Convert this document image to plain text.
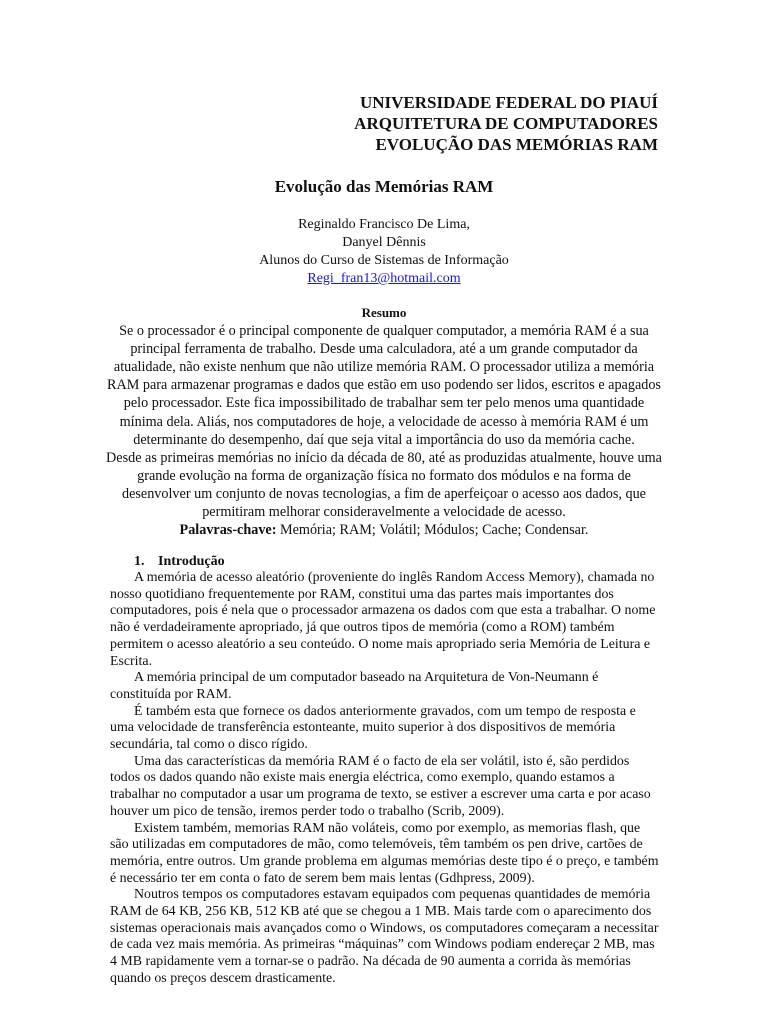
UNIVERSIDADE FEDERAL DO PIAUÍ
ARQUITETURA DE COMPUTADORES
EVOLUÇÃO DAS MEMÓRIAS RAM
Evolução das Memórias RAM
Reginaldo Francisco De Lima,
Danyel Dênnis
Alunos do Curso de Sistemas de Informação
Regi_fran13@hotmail.com
Resumo

Se o processador é o principal componente de qualquer computador, a memória RAM é a sua principal ferramenta de trabalho. Desde uma calculadora, até a um grande computador da atualidade, não existe nenhum que não utilize memória RAM. O processador utiliza a memória RAM para armazenar programas e dados que estão em uso podendo ser lidos, escritos e apagados pelo processador. Este fica impossibilitado de trabalhar sem ter pelo menos uma quantidade mínima dela. Aliás, nos computadores de hoje, a velocidade de acesso à memória RAM é um determinante do desempenho, daí que seja vital a importância do uso da memória cache.

Desde as primeiras memórias no início da década de 80, até as produzidas atualmente, houve uma grande evolução na forma de organização física no formato dos módulos e na forma de desenvolver um conjunto de novas tecnologias, a fim de aperfeiçoar o acesso aos dados, que permitiram melhorar consideravelmente a velocidade de acesso.

Palavras-chave: Memória; RAM; Volátil; Módulos; Cache; Condensar.

1. Introdução

A memória de acesso aleatório (proveniente do inglês Random Access Memory), chamada no nosso quotidiano frequentemente por RAM, constitui uma das partes mais importantes dos computadores, pois é nela que o processador armazena os dados com que esta a trabalhar. O nome não é verdadeiramente apropriado, já que outros tipos de memória (como a ROM) também permitem o acesso aleatório a seu conteúdo. O nome mais apropriado seria Memória de Leitura e Escrita.

A memória principal de um computador baseado na Arquitetura de Von-Neumann é constituída por RAM.

É também esta que fornece os dados anteriormente gravados, com um tempo de resposta e uma velocidade de transferência estonteante, muito superior à dos dispositivos de memória secundária, tal como o disco rígido.

Uma das características da memória RAM é o facto de ela ser volátil, isto é, são perdidos todos os dados quando não existe mais energia eléctrica, como exemplo, quando estamos a trabalhar no computador a usar um programa de texto, se estiver a escrever uma carta e por acaso houver um pico de tensão, iremos perder todo o trabalho (Scrib, 2009).

Existem também, memorias RAM não voláteis, como por exemplo, as memorias flash, que são utilizadas em computadores de mão, como telemóveis, têm também os pen drive, cartões de memória, entre outros. Um grande problema em algumas memórias deste tipo é o preço, e também é necessário ter em conta o fato de serem bem mais lentas (Gdhpress, 2009).

Noutros tempos os computadores estavam equipados com pequenas quantidades de memória RAM de 64 KB, 256 KB, 512 KB até que se chegou a 1 MB. Mais tarde com o aparecimento dos sistemas operacionais mais avançados como o Windows, os computadores começaram a necessitar de cada vez mais memória. As primeiras “máquinas” com Windows podiam endereçar 2 MB, mas 4 MB rapidamente vem a tornar-se o padrão. Na década de 90 aumenta a corrida às memórias quando os preços descem drasticamente.
